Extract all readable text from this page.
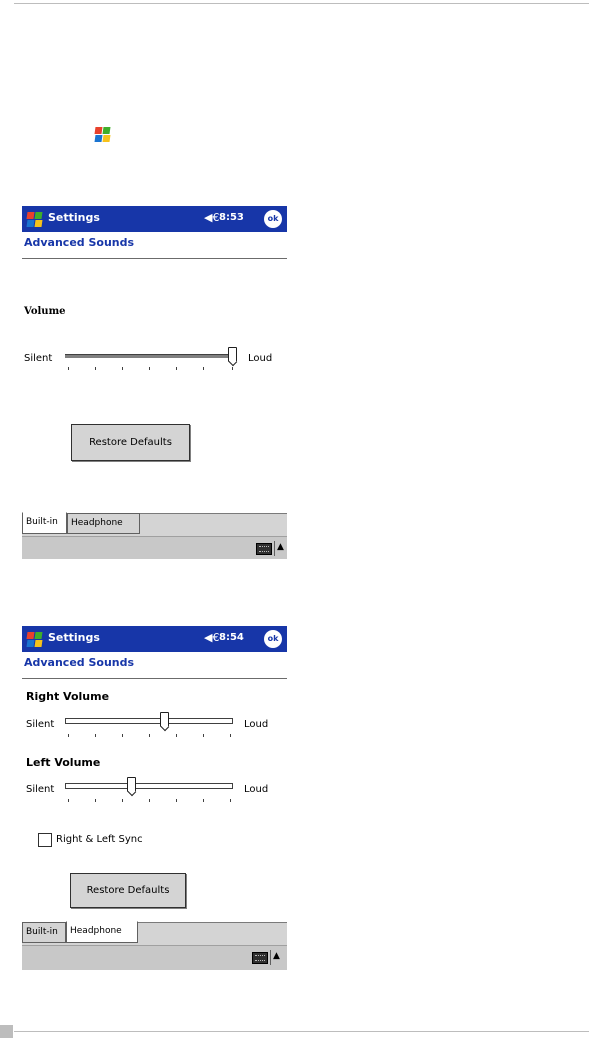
Settings	◀€ 8:53	ok
Advanced Sounds
Volume
Silent	Loud
Restore Defaults
Built-in	Headphone
▲
Settings	◀€ 8:54	ok
Advanced Sounds
Right Volume
Silent	Loud
Left Volume
Silent	Loud
Right & Left Sync
Restore Defaults
Built-in	Headphone
▲
